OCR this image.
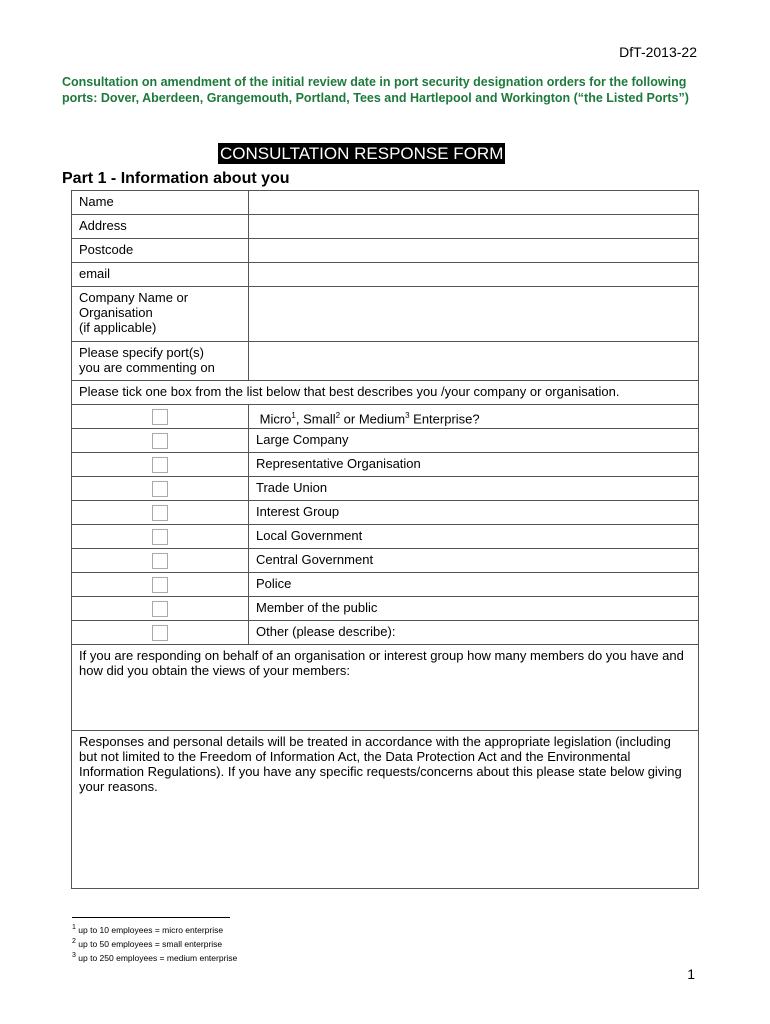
DfT-2013-22
Consultation on amendment of the initial review date in port security designation orders for the following ports: Dover, Aberdeen, Grangemouth, Portland, Tees and Hartlepool and Workington (“the Listed Ports”)
CONSULTATION RESPONSE FORM
Part 1 - Information about you
Name	
Address	
Postcode	
email	

Company Name or
Organisation
(if applicable)	

Please specify port(s)
you are commenting on	

Please tick one box from the list below that best describes you /your company or organisation.	
	Micro$^1$, Small$^2$ or Medium$^3$ Enterprise?
	Large Company
	Representative Organisation
	Trade Union
	Interest Group
	Local Government
	Central Government
	Police
	Member of the public
	Other (please describe):
If you are responding on behalf of an organisation or interest group how many members do you have and how did you obtain the views of your members:	
Responses and personal details will be treated in accordance with the appropriate legislation (including but not limited to the Freedom of Information Act, the Data Protection Act and the Environmental Information Regulations). If you have any specific requests/concerns about this please state below giving your reasons.	
$^1$ up to 10 employees = micro enterprise
$^2$ up to 50 employees = small enterprise
$^3$ up to 250 employees = medium enterprise
1
